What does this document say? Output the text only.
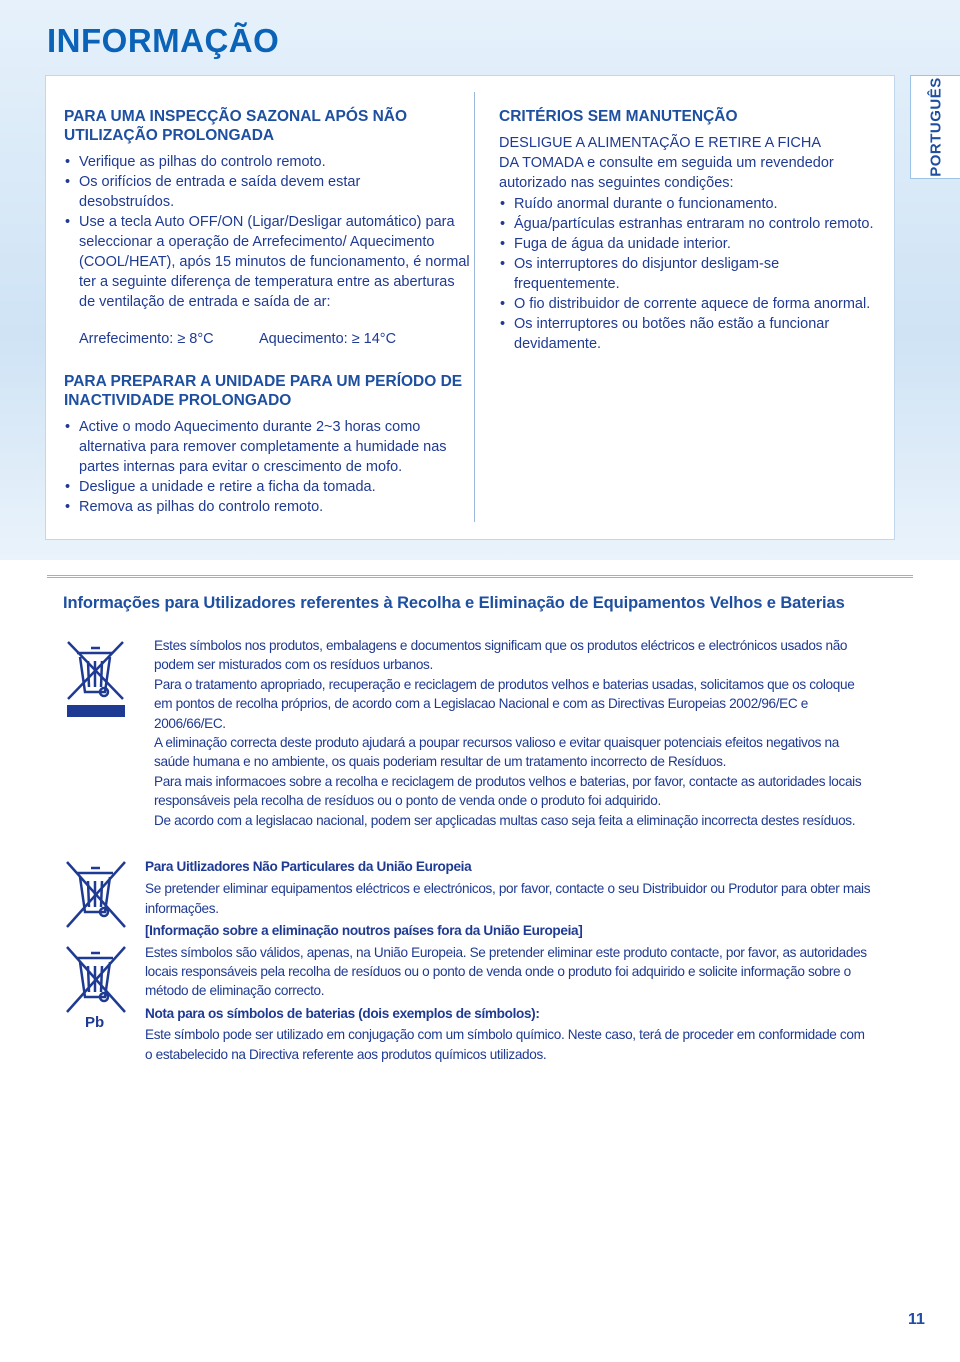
INFORMAÇÃO
PORTUGUÊS
PARA UMA INSPECÇÃO SAZONAL APÓS NÃO
UTILIZAÇÃO PROLONGADA
• Verifique as pilhas do controlo remoto.
• Os orifícios de entrada e saída devem estar desobstruídos.
• Use a tecla Auto OFF/ON (Ligar/Desligar automático) para seleccionar a operação de Arrefecimento/ Aquecimento (COOL/HEAT), após 15 minutos de funcionamento, é normal ter a seguinte diferença de temperatura entre as aberturas de ventilação de entrada e saída de ar:
Arrefecimento: ≥ 8°C	Aquecimento: ≥ 14°C
PARA PREPARAR A UNIDADE PARA UM PERÍODO DE
INACTIVIDADE PROLONGADO
• Active o modo Aquecimento durante 2~3 horas como alternativa para remover completamente a humidade nas partes internas para evitar o crescimento de mofo.
• Desligue a unidade e retire a ficha da tomada.
• Remova as pilhas do controlo remoto.
CRITÉRIOS SEM MANUTENÇÃO
DESLIGUE A ALIMENTAÇÃO E RETIRE A FICHA
DA TOMADA e consulte em seguida um revendedor
autorizado nas seguintes condições:
• Ruído anormal durante o funcionamento.
• Água/partículas estranhas entraram no controlo remoto.
• Fuga de água da unidade interior.
• Os interruptores do disjuntor desligam-se frequentemente.
• O fio distribuidor de corrente aquece de forma anormal.
• Os interruptores ou botões não estão a funcionar devidamente.
Informações para Utilizadores referentes à Recolha e Eliminação de Equipamentos Velhos e Baterias
Pb

Estes símbolos nos produtos, embalagens e documentos significam que os produtos eléctricos e electrónicos usados não podem ser misturados com os resíduos urbanos.

Para o tratamento apropriado, recuperação e reciclagem de produtos velhos e baterias usadas, solicitamos que os coloque em pontos de recolha próprios, de acordo com a Legislacao Nacional e com as Directivas Europeias 2002/96/EC e 2006/66/EC.

A eliminação correcta deste produto ajudará a poupar recursos valioso e evitar quaisquer potenciais efeitos negativos na saúde humana e no ambiente, os quais poderiam resultar de um tratamento incorrecto de Resíduos.

Para mais informacoes sobre a recolha e reciclagem de produtos velhos e baterias, por favor, contacte as autoridades locais responsáveis pela recolha de resíduos ou o ponto de venda onde o produto foi adquirido.

De acordo com a legislacao nacional, podem ser apçlicadas multas caso seja feita a eliminação incorrecta destes resíduos.

Para Uitlizadores Não Particulares da União Europeia

Se pretender eliminar equipamentos eléctricos e electrónicos, por favor, contacte o seu Distribuidor ou Produtor para obter mais informações.

[Informação sobre a eliminação noutros países fora da União Europeia]

Estes símbolos são válidos, apenas, na União Europeia. Se pretender eliminar este produto contacte, por favor, as autoridades locais responsáveis pela recolha de resíduos ou o ponto de venda onde o produto foi adquirido e solicite informação sobre o método de eliminação correcto.

Nota para os símbolos de baterias (dois exemplos de símbolos):

Este símbolo pode ser utilizado em conjugação com um símbolo químico. Neste caso, terá de proceder em conformidade com o estabelecido na Directiva referente aos produtos químicos utilizados.

11
